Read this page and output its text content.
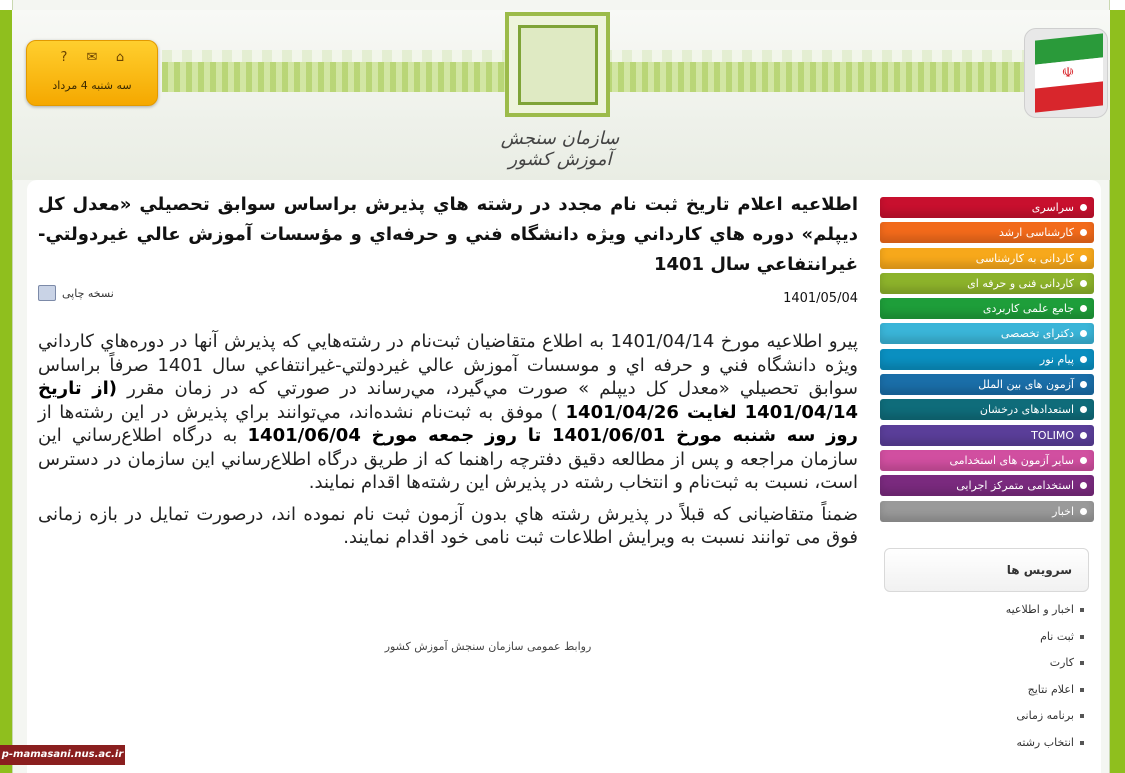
سازمان سنجش آموزش کشور
?	✉ ⌂
سه شنبه 4 مرداد
☫
اطلاعيه اعلام تاريخ ثبت نام مجدد در رشته هاي پذيرش براساس سوابق تحصيلي «معدل كل ديپلم» دوره هاي كارداني ويژه دانشگاه فني و حرفه‌اي و مؤسسات آموزش عالي غيردولتي-غيرانتفاعي سال 1401
نسخه چاپی	1401/05/04

پيرو اطلاعيه مورخ 1401/04/14 به اطلاع متقاضيان ثبت‌نام در رشته‌هايي كه پذيرش آنها در دوره‌هاي كارداني ويژه دانشگاه فني و حرفه اي و موسسات آموزش عالي غيردولتي-غيرانتفاعي سال 1401 صرفاً براساس سوابق تحصيلي «معدل كل ديپلم » صورت مي‌گيرد، مي‌رساند در صورتي كه در زمان مقرر (از تاريخ 1401/04/14 لغايت 1401/04/26 ) موفق به ثبت‌نام نشده‌اند، مي‌توانند براي پذيرش در اين رشته‌ها از روز سه شنبه مورخ 1401/06/01 تا روز جمعه مورخ 1401/06/04 به درگاه اطلاع‌رساني اين سازمان مراجعه و پس از مطالعه دقيق دفترچه راهنما كه از طريق درگاه اطلاع‌رساني اين سازمان در دسترس است، نسبت به ثبت‌نام و انتخاب رشته در پذيرش اين رشته‌ها اقدام نمايند.

ضمناً متقاضيانی كه قبلاً در پذيرش رشته هاي بدون آزمون ثبت نام نموده اند، درصورت تمايل در بازه زمانی فوق می توانند نسبت به ويرايش اطلاعات ثبت نامی خود اقدام نمايند.

روابط عمومی سازمان سنجش آموزش کشور
سراسری
کارشناسی ارشد
کاردانی به کارشناسی
کاردانی فنی و حرفه ای
جامع علمی کاربردی
دکترای تخصصی
پیام نور
آزمون های بین الملل
استعدادهای درخشان
TOLIMO
سایر آزمون های استخدامی
استخدامی متمرکز اجرایی
اخبار
سرویس ها
اخبار و اطلاعیه
ثبت نام
کارت
اعلام نتایج
برنامه زمانی
انتخاب رشته
p-mamasani.nus.ac.ir
